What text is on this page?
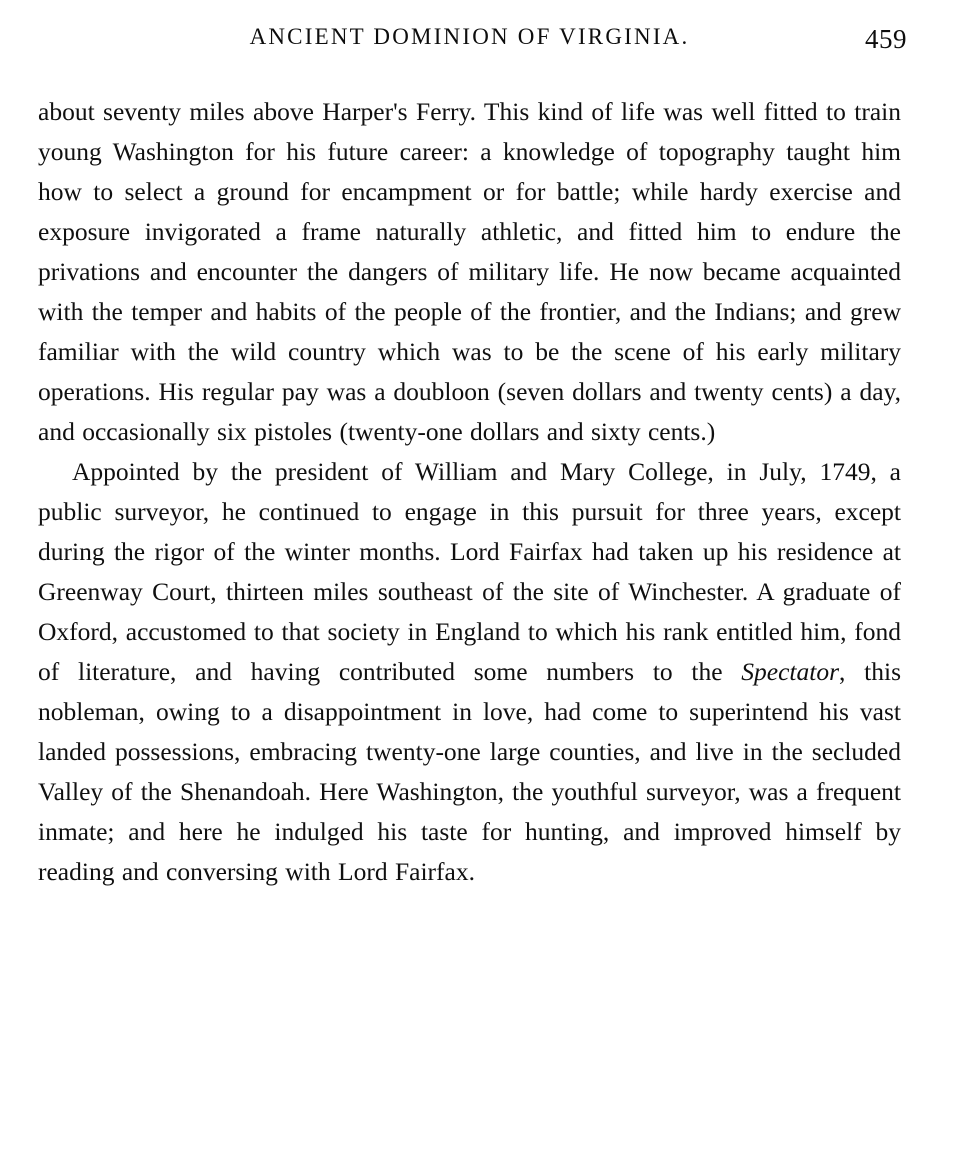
ANCIENT DOMINION OF VIRGINIA.	459

about seventy miles above Harper's Ferry. This kind of life was well fitted to train young Washington for his future career: a knowledge of topography taught him how to select a ground for encampment or for battle; while hardy exercise and exposure invigorated a frame naturally athletic, and fitted him to endure the privations and encounter the dangers of military life. He now became acquainted with the temper and habits of the people of the frontier, and the Indians; and grew familiar with the wild country which was to be the scene of his early military operations. His regular pay was a doubloon (seven dollars and twenty cents) a day, and occasionally six pistoles (twenty-one dollars and sixty cents.)

Appointed by the president of William and Mary College, in July, 1749, a public surveyor, he continued to engage in this pursuit for three years, except during the rigor of the winter months. Lord Fairfax had taken up his residence at Greenway Court, thirteen miles southeast of the site of Winchester. A graduate of Oxford, accustomed to that society in England to which his rank entitled him, fond of literature, and having contributed some numbers to the Spectator, this nobleman, owing to a disappointment in love, had come to superintend his vast landed possessions, embracing twenty-one large counties, and live in the secluded Valley of the Shenandoah. Here Washington, the youthful surveyor, was a frequent inmate; and here he indulged his taste for hunting, and improved himself by reading and conversing with Lord Fairfax.
